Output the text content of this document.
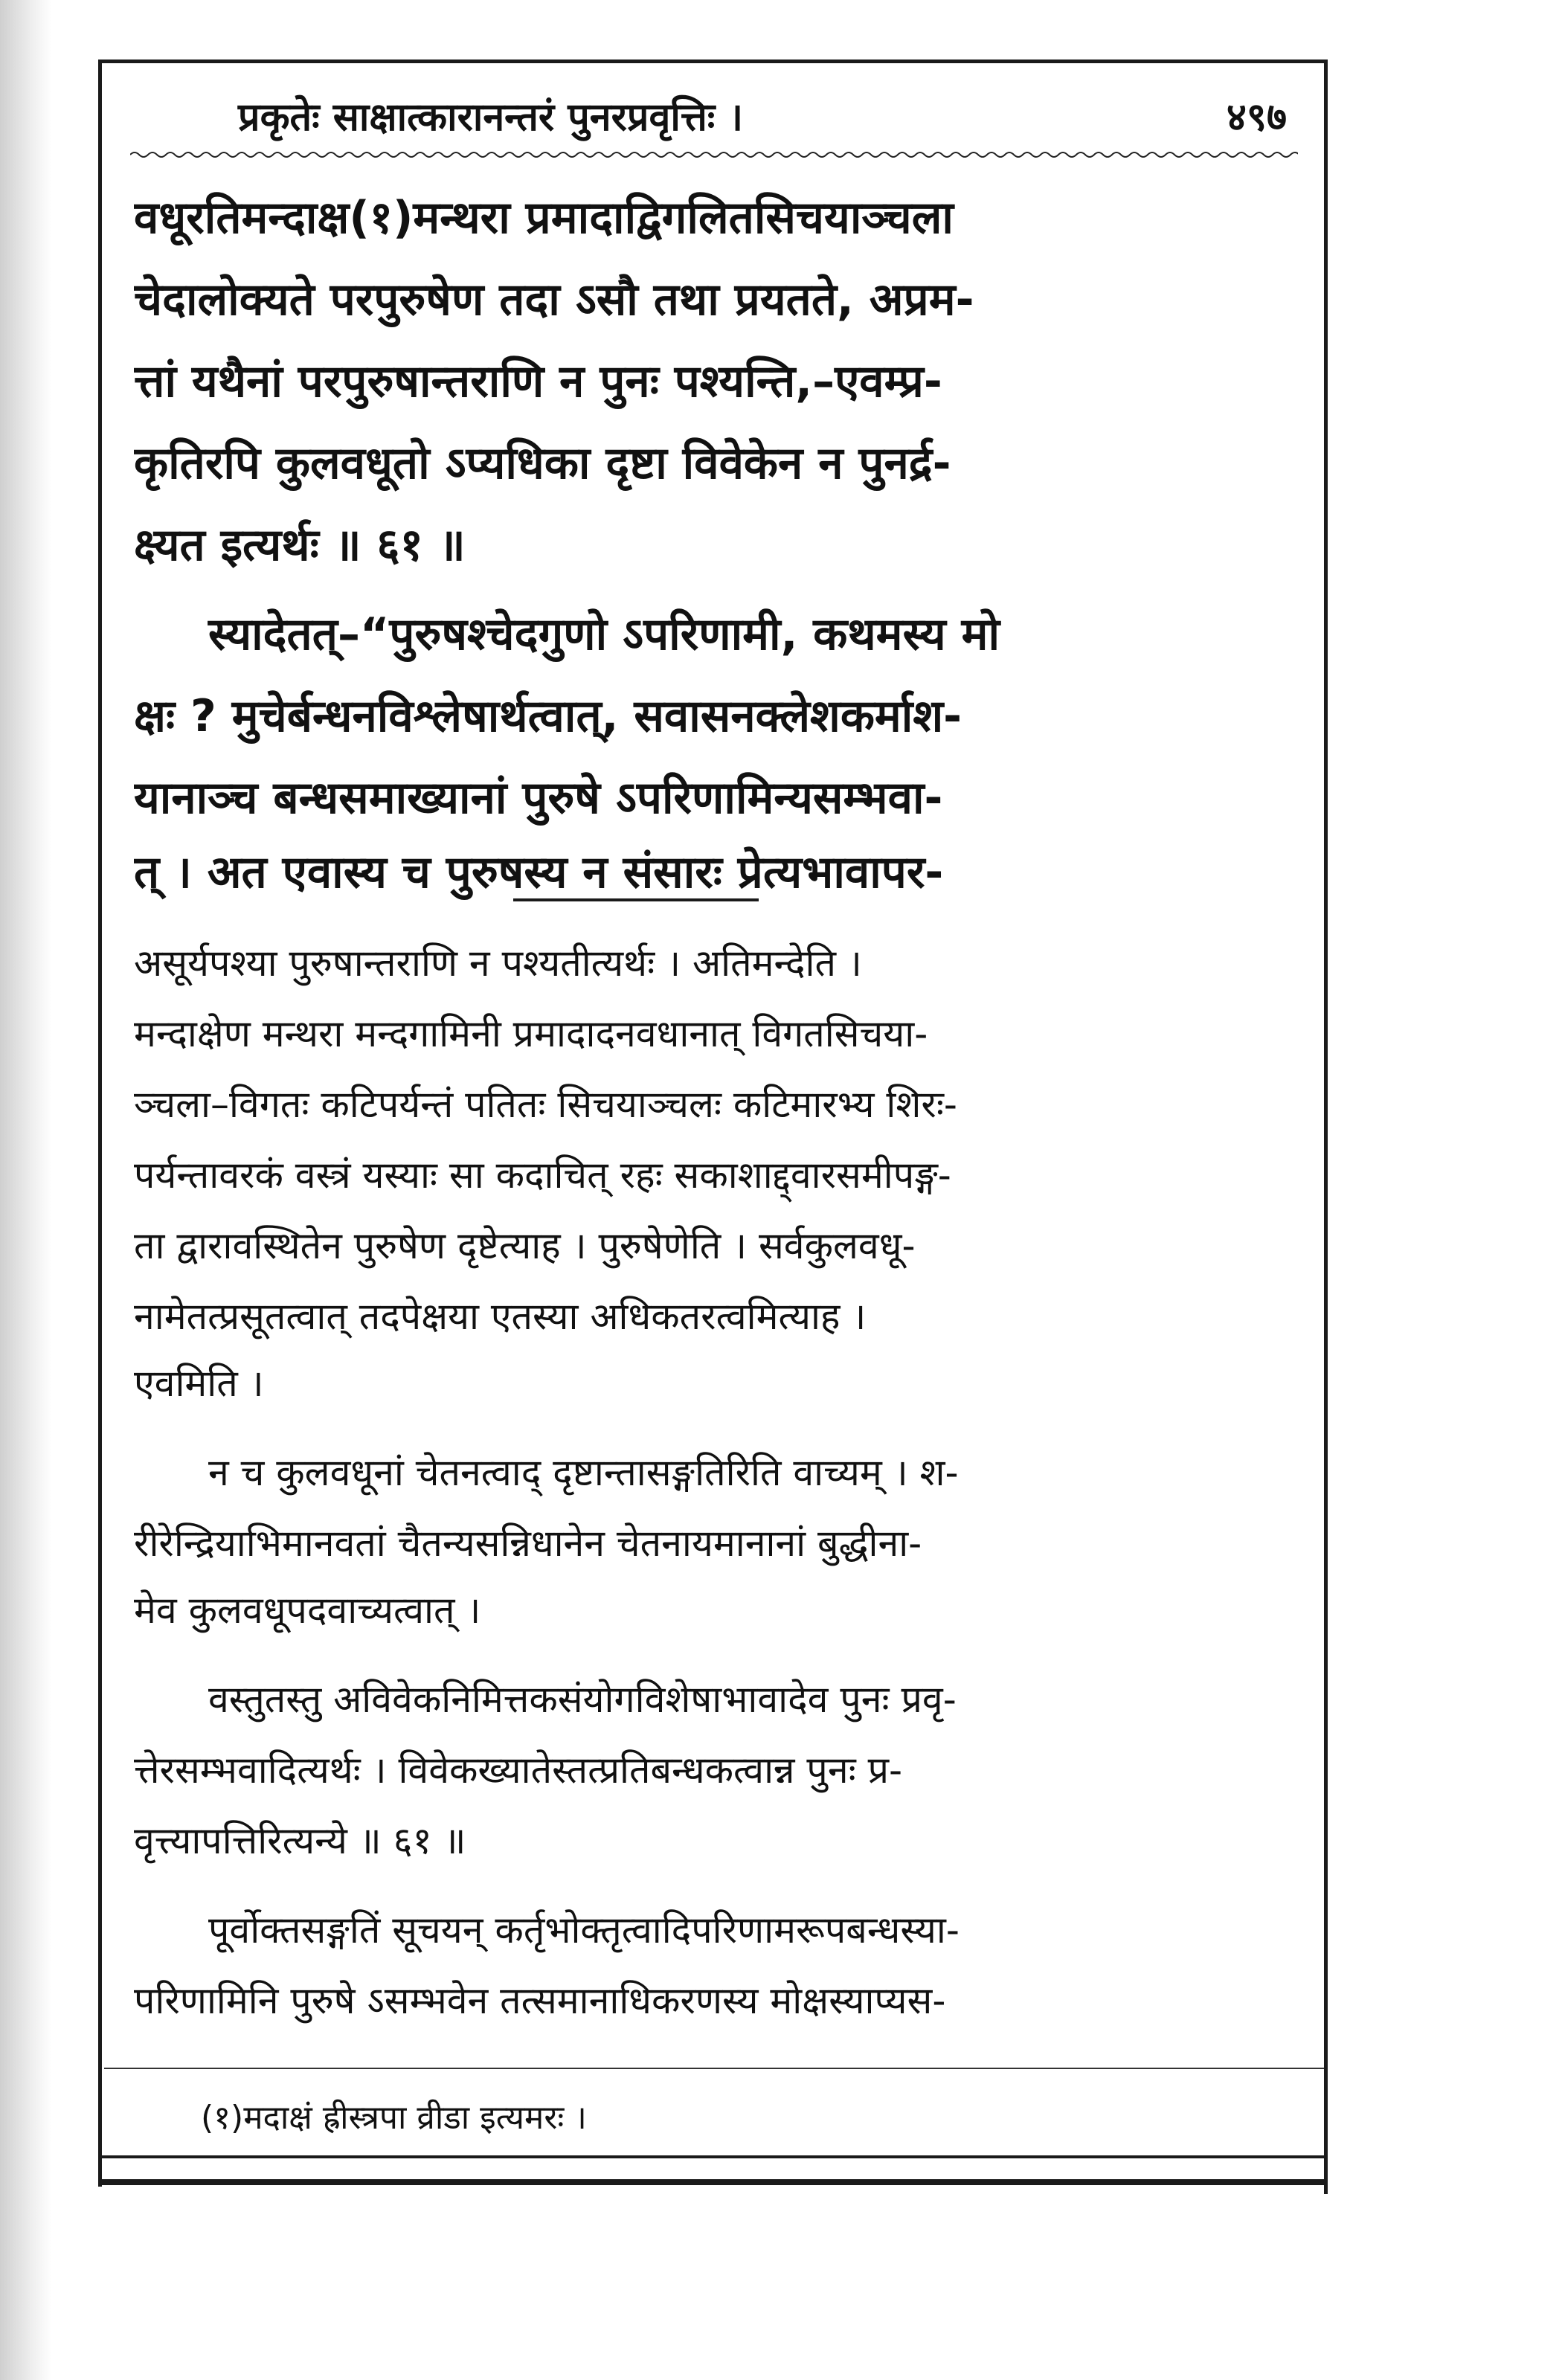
प्रकृतेः साक्षात्कारानन्तरं पुनरप्रवृत्तिः ।	४९७
वधूरतिमन्दाक्ष(१)मन्थरा प्रमादाद्विगलितसिचयाञ्चला
चेदालोक्यते परपुरुषेण तदा ऽसौ तथा प्रयतते, अप्रम-
त्तां यथैनां परपुरुषान्तराणि न पुनः पश्यन्ति,–एवम्प्र-
कृतिरपि कुलवधूतो ऽप्यधिका दृष्टा विवेकेन न पुनर्द्र-
क्ष्यत इत्यर्थः ॥ ६१ ॥
स्यादेतत्–“पुरुषश्चेदगुणो ऽपरिणामी, कथमस्य मो
क्षः ? मुचेर्बन्धनविश्लेषार्थत्वात्, सवासनक्लेशकर्माश-
यानाञ्च बन्धसमाख्यानां पुरुषे ऽपरिणामिन्यसम्भवा-
त् । अत एवास्य च पुरुषस्य न संसारः प्रेत्यभावापर-
असूर्यपश्या पुरुषान्तराणि न पश्यतीत्यर्थः । अतिमन्देति ।
मन्दाक्षेण मन्थरा मन्दगामिनी प्रमादादनवधानात् विगतसिचया-
ञ्चला–विगतः कटिपर्यन्तं पतितः सिचयाञ्चलः कटिमारभ्य शिरः-
पर्यन्तावरकं वस्त्रं यस्याः सा कदाचित् रहः सकाशाद्द्वारसमीपङ्ग-
ता द्वारावस्थितेन पुरुषेण दृष्टेत्याह । पुरुषेणेति । सर्वकुलवधू-
नामेतत्प्रसूतत्वात् तदपेक्षया एतस्या अधिकतरत्वमित्याह ।
एवमिति ।
न च कुलवधूनां चेतनत्वाद् दृष्टान्तासङ्गतिरिति वाच्यम् । श-
रीरेन्द्रियाभिमानवतां चैतन्यसन्निधानेन चेतनायमानानां बुद्धीना-
मेव कुलवधूपदवाच्यत्वात् ।
वस्तुतस्तु अविवेकनिमित्तकसंयोगविशेषाभावादेव पुनः प्रवृ-
त्तेरसम्भवादित्यर्थः । विवेकख्यातेस्तत्प्रतिबन्धकत्वान्न पुनः प्र-
वृत्त्यापत्तिरित्यन्ये ॥ ६१ ॥
पूर्वोक्तसङ्गतिं सूचयन् कर्तृभोक्तृत्वादिपरिणामरूपबन्धस्या-
परिणामिनि पुरुषे ऽसम्भवेन तत्समानाधिकरणस्य मोक्षस्याप्यस-
(१)मदाक्षं ह्रीस्त्रपा व्रीडा इत्यमरः ।
